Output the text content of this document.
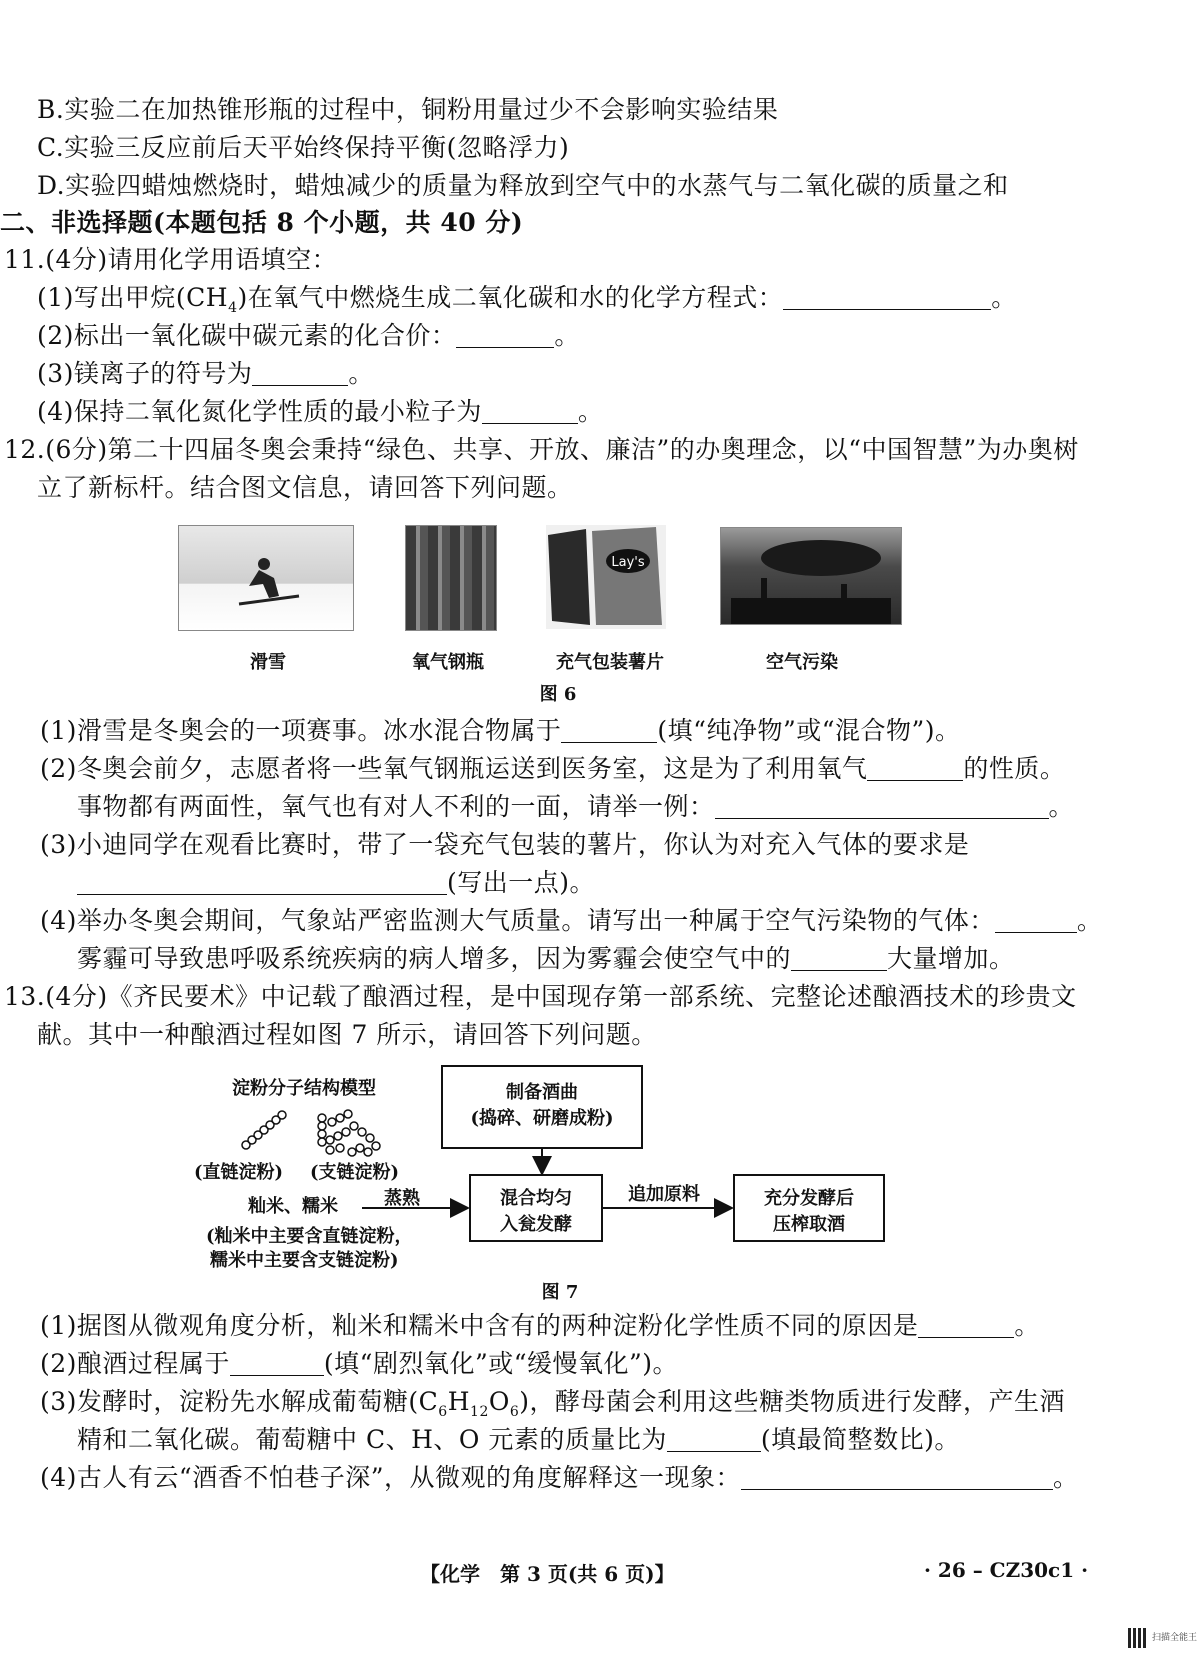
B.实验二在加热锥形瓶的过程中，铜粉用量过少不会影响实验结果
C.实验三反应前后天平始终保持平衡(忽略浮力)
D.实验四蜡烛燃烧时，蜡烛减少的质量为释放到空气中的水蒸气与二氧化碳的质量之和
二、非选择题(本题包括 8 个小题，共 40 分)
11.(4分)请用化学用语填空：
(1)写出甲烷$(CH_4)$在氧气中燃烧生成二氧化碳和水的化学方程式：	。
(2)标出一氧化碳中碳元素的化合价：	。
(3)镁离子的符号为	。
(4)保持二氧化氮化学性质的最小粒子为	。
12.(6分)第二十四届冬奥会秉持“绿色、共享、开放、廉洁”的办奥理念，以“中国智慧”为办奥树
立了新标杆。结合图文信息，请回答下列问题。
Lay's
滑雪	氧气钢瓶	充气包装薯片	空气污染
图 6
(1)滑雪是冬奥会的一项赛事。冰水混合物属于	(填“纯净物”或“混合物”)。
(2)冬奥会前夕，志愿者将一些氧气钢瓶运送到医务室，这是为了利用氧气	的性质。
事物都有两面性，氧气也有对人不利的一面，请举一例：	。
(3)小迪同学在观看比赛时，带了一袋充气包装的薯片，你认为对充入气体的要求是
(写出一点)。
(4)举办冬奥会期间，气象站严密监测大气质量。请写出一种属于空气污染物的气体：	。
雾霾可导致患呼吸系统疾病的病人增多，因为雾霾会使空气中的	大量增加。
13.(4分)《齐民要术》中记载了酿酒过程，是中国现存第一部系统、完整论述酿酒技术的珍贵文
献。其中一种酿酒过程如图 7 所示，请回答下列问题。
淀粉分子结构模型
(直链淀粉) (支链淀粉)
籼米、糯米
(籼米中主要含直链淀粉，
糯米中主要含支链淀粉)
蒸熟
制备酒曲
(捣碎、研磨成粉)
混合均匀
入瓮发酵
追加原料	充分发酵后
压榨取酒
图 7
(1)据图从微观角度分析，籼米和糯米中含有的两种淀粉化学性质不同的原因是	。
(2)酿酒过程属于	(填“剧烈氧化”或“缓慢氧化”)。
(3)发酵时，淀粉先水解成葡萄糖$(C_6H_{12}O_6)$，酵母菌会利用这些糖类物质进行发酵，产生酒
精和二氧化碳。葡萄糖中 C、H、O 元素的质量比为	(填最简整数比)。
(4)古人有云“酒香不怕巷子深”，从微观的角度解释这一现象：	。
【化学　第 3 页(共 6 页)】	· 26 – CZ30c1 ·
扫描全能王
